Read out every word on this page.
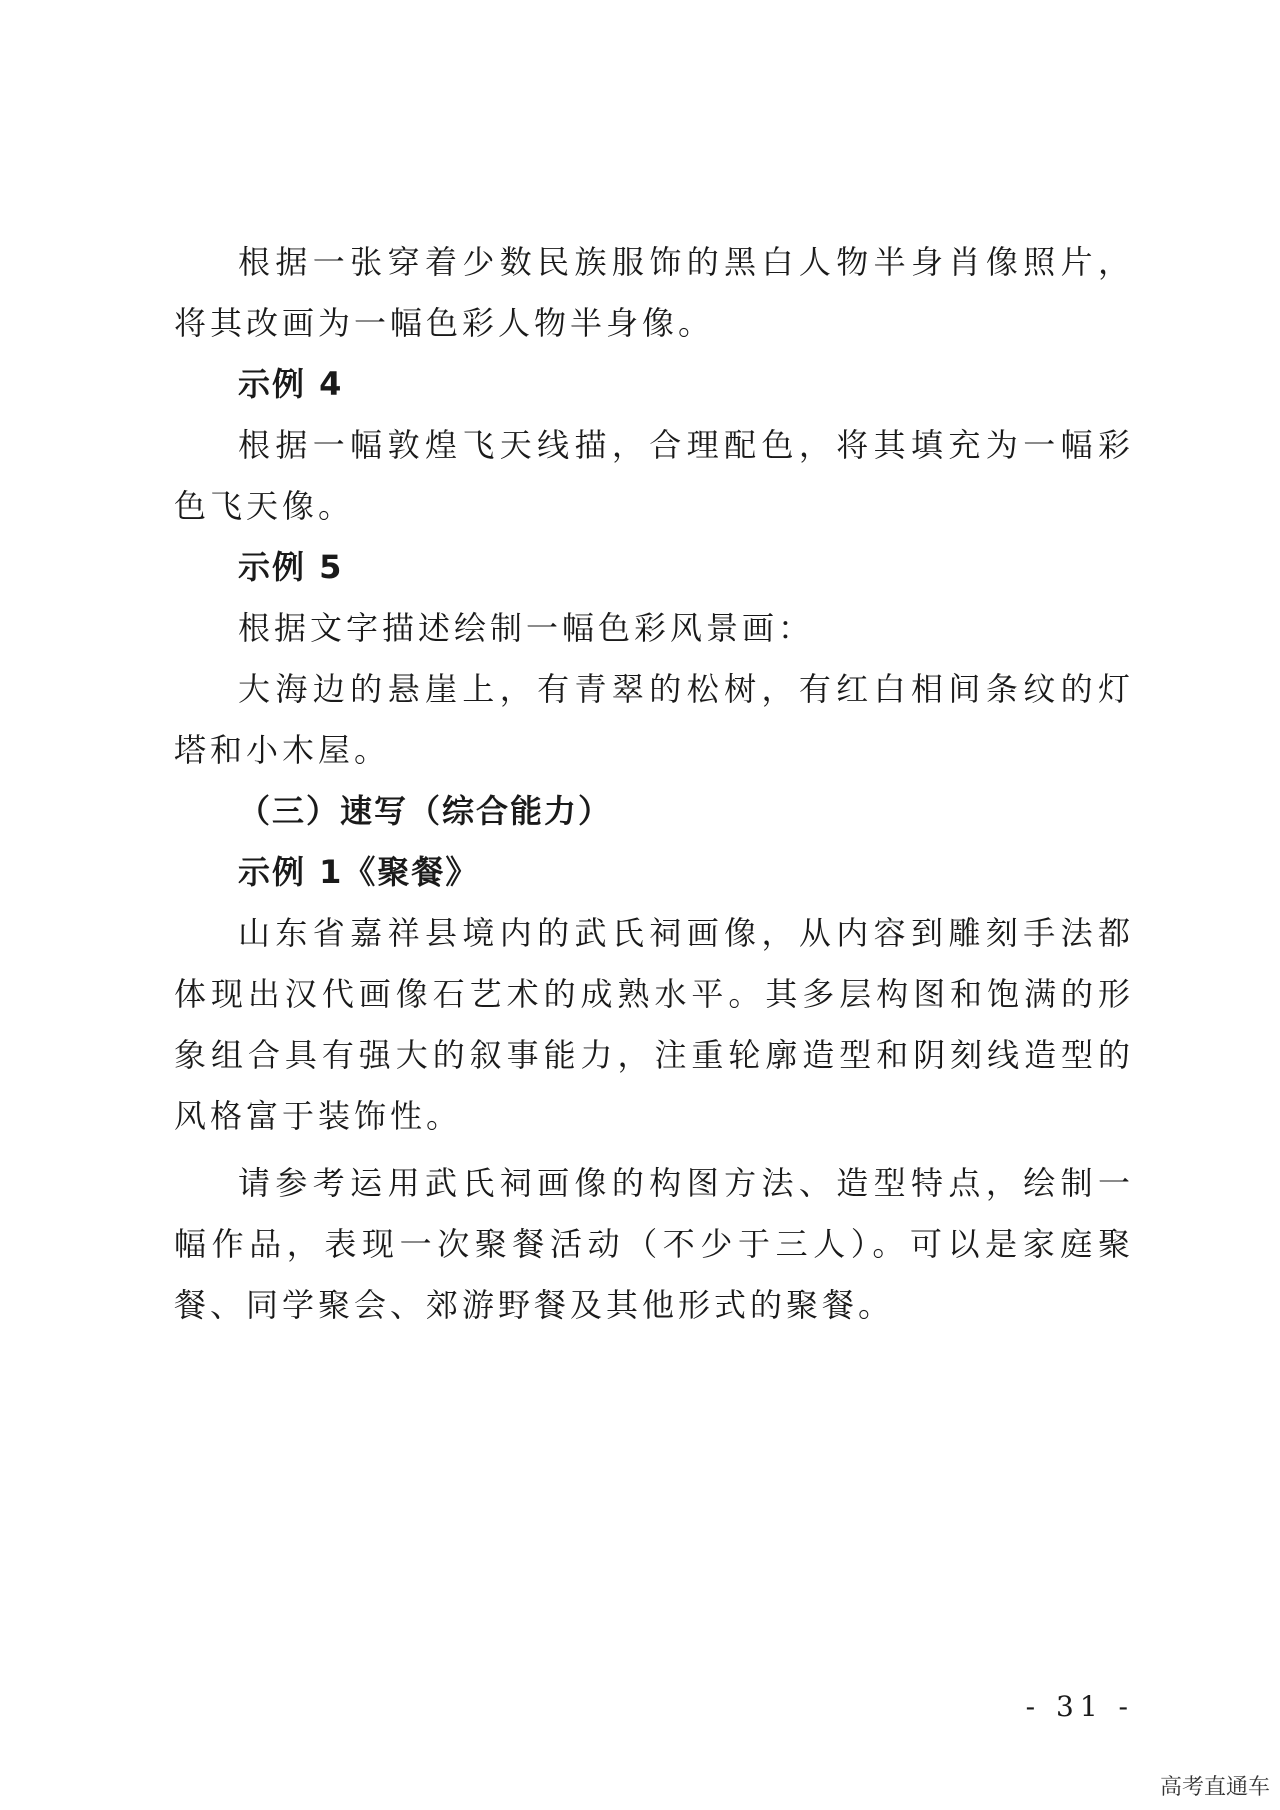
根据一张穿着少数民族服饰的黑白人物半身肖像照片，将其改画为一幅色彩人物半身像。

示例 4

根据一幅敦煌飞天线描，合理配色，将其填充为一幅彩色飞天像。

示例 5

根据文字描述绘制一幅色彩风景画：

大海边的悬崖上，有青翠的松树，有红白相间条纹的灯塔和小木屋。

（三）速写（综合能力）

示例 1《聚餐》

山东省嘉祥县境内的武氏祠画像，从内容到雕刻手法都体现出汉代画像石艺术的成熟水平。其多层构图和饱满的形象组合具有强大的叙事能力，注重轮廓造型和阴刻线造型的风格富于装饰性。

请参考运用武氏祠画像的构图方法、造型特点，绘制一幅作品，表现一次聚餐活动（不少于三人）。可以是家庭聚餐、同学聚会、郊游野餐及其他形式的聚餐。

- 31 -
高考直通车
